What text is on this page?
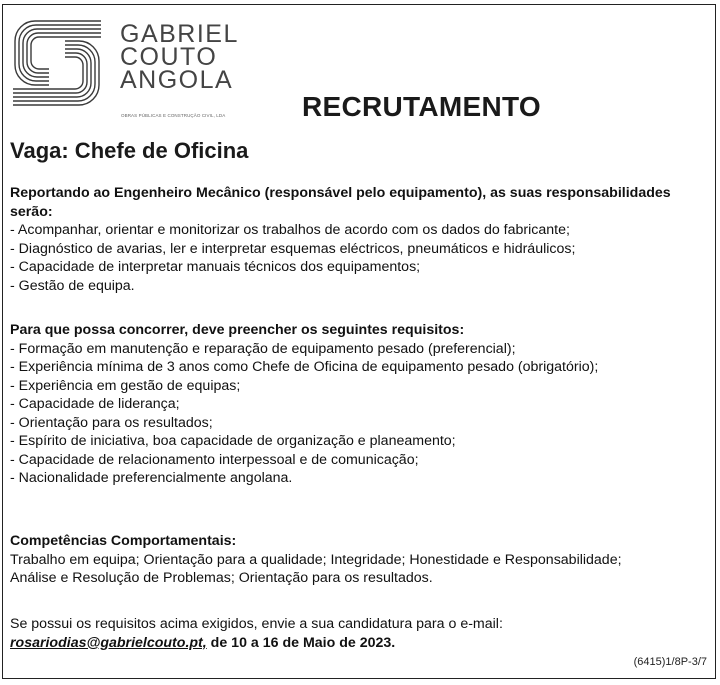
GABRIEL
COUTO
ANGOLA
OBRAS PÚBLICAS E CONSTRUÇÃO CIVIL, LDA	RECRUTAMENTO
Vaga: Chefe de Oficina
Reportando ao Engenheiro Mecânico (responsável pelo equipamento), as suas responsabilidades
serão:
- Acompanhar, orientar e monitorizar os trabalhos de acordo com os dados do fabricante;
- Diagnóstico de avarias, ler e interpretar esquemas eléctricos, pneumáticos e hidráulicos;
- Capacidade de interpretar manuais técnicos dos equipamentos;
- Gestão de equipa.
Para que possa concorrer, deve preencher os seguintes requisitos:
- Formação em manutenção e reparação de equipamento pesado (preferencial);
- Experiência mínima de 3 anos como Chefe de Oficina de equipamento pesado (obrigatório);
- Experiência em gestão de equipas;
- Capacidade de liderança;
- Orientação para os resultados;
- Espírito de iniciativa, boa capacidade de organização e planeamento;
- Capacidade de relacionamento interpessoal e de comunicação;
- Nacionalidade preferencialmente angolana.
Competências Comportamentais:
Trabalho em equipa; Orientação para a qualidade; Integridade; Honestidade e Responsabilidade;
Análise e Resolução de Problemas; Orientação para os resultados.
Se possui os requisitos acima exigidos, envie a sua candidatura para o e-mail:
rosariodias@gabrielcouto.pt, de 10 a 16 de Maio de 2023.
(6415)1/8P-3/7
